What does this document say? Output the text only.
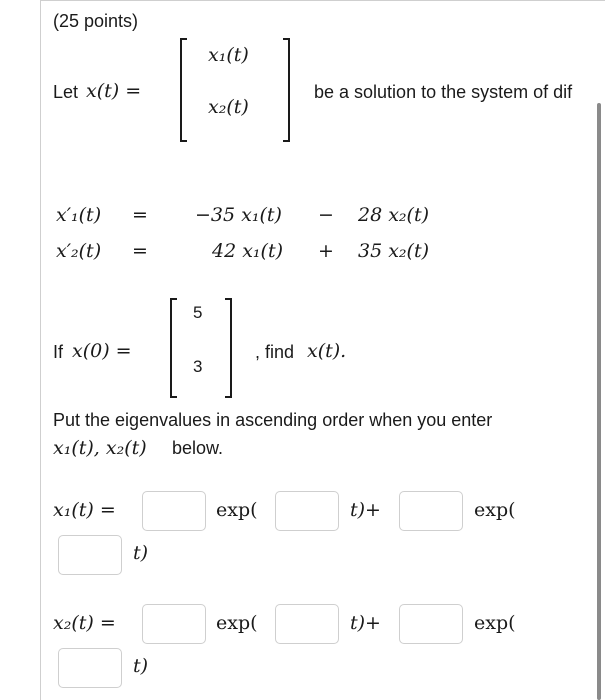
(25 points)
Let x(t) =
x₁(t)
x₂(t)
be a solution to the system of dif
x′₁(t) = −35 x₁(t) − 28 x₂(t)
x′₂(t) =	42 x₁(t) + 35 x₂(t)
If x(0) =
5
3
, find x(t).
Put the eigenvalues in ascending order when you enter
x₁(t), x₂(t) below.
x₁(t) =	exp(	t)+	exp(
t)
x₂(t) =	exp(	t)+	exp(
t)
